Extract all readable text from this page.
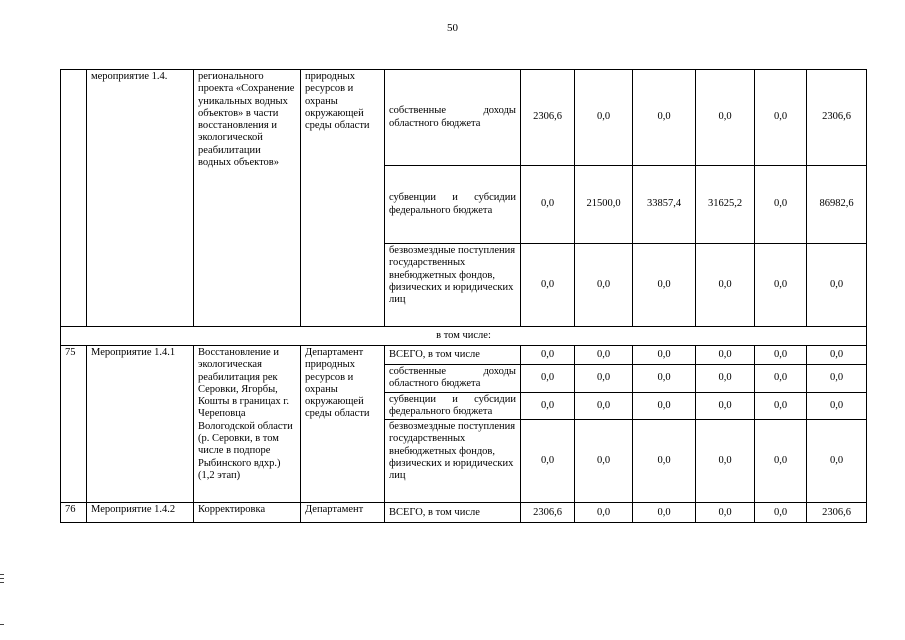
50
	мероприятие 1.4.	регионального проекта «Сохранение уникальных водных объектов» в части восстановления и экологической реабилитации водных объектов»	природных ресурсов и охраны окружающей среды области	собственные доходы областного бюджета	2306,6	0,0	0,0	0,0	0,0	2306,6

				субвенции и субсидии федерального бюджета	0,0	21500,0	33857,4	31625,2	0,0	86982,6
				безвозмездные поступления государственных внебюджетных фондов, физических и юридических лиц	0,0	0,0	0,0	0,0	0,0	0,0
в том числе:										
75	Мероприятие 1.4.1	Восстановление и экологическая реабилитация рек Серовки, Ягорбы, Кошты в границах г. Череповца Вологодской области (р. Серовки, в том числе в подпоре Рыбинского вдхр.) (1,2 этап)	Департамент природных ресурсов и охраны окружающей среды области	ВСЕГО, в том числе	0,0	0,0	0,0	0,0	0,0	0,0

				собственные доходы областного бюджета	0,0	0,0	0,0	0,0	0,0	0,0

				субвенции и субсидии федерального бюджета	0,0	0,0	0,0	0,0	0,0	0,0
				безвозмездные поступления государственных внебюджетных фондов, физических и юридических лиц	0,0	0,0	0,0	0,0	0,0	0,0
76	Мероприятие 1.4.2	Корректировка	Департамент	ВСЕГО, в том числе	2306,6	0,0	0,0	0,0	0,0	2306,6
